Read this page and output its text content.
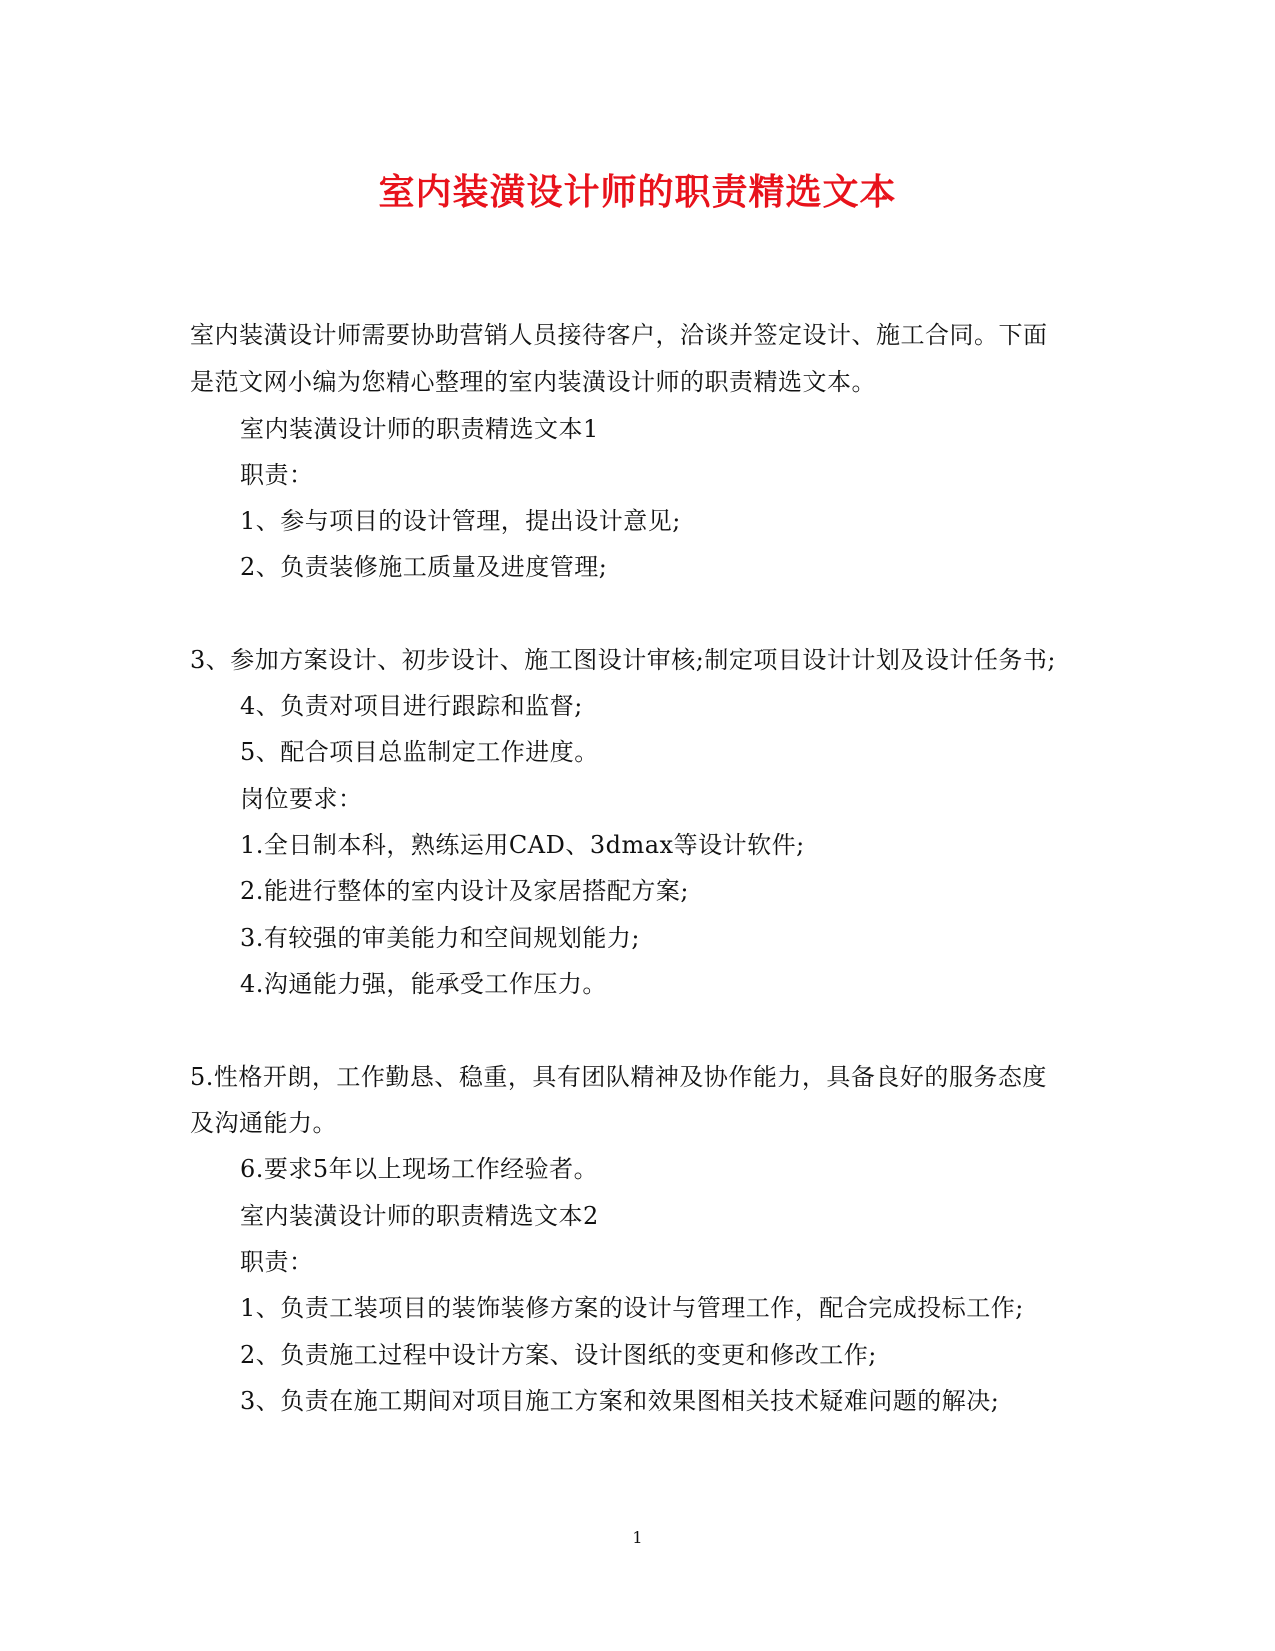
室内装潢设计师的职责精选文本
室内装潢设计师需要协助营销人员接待客户，洽谈并签定设计、施工合同。下面
是范文网小编为您精心整理的室内装潢设计师的职责精选文本。
室内装潢设计师的职责精选文本1
职责：
1、参与项目的设计管理，提出设计意见;
2、负责装修施工质量及进度管理;
3、参加方案设计、初步设计、施工图设计审核;制定项目设计计划及设计任务书;
4、负责对项目进行跟踪和监督;
5、配合项目总监制定工作进度。
岗位要求：
1.全日制本科，熟练运用CAD、3dmax等设计软件;
2.能进行整体的室内设计及家居搭配方案;
3.有较强的审美能力和空间规划能力;
4.沟通能力强，能承受工作压力。
5.性格开朗，工作勤恳、稳重，具有团队精神及协作能力，具备良好的服务态度
及沟通能力。
6.要求5年以上现场工作经验者。
室内装潢设计师的职责精选文本2
职责：
1、负责工装项目的装饰装修方案的设计与管理工作，配合完成投标工作;
2、负责施工过程中设计方案、设计图纸的变更和修改工作;
3、负责在施工期间对项目施工方案和效果图相关技术疑难问题的解决;
1
